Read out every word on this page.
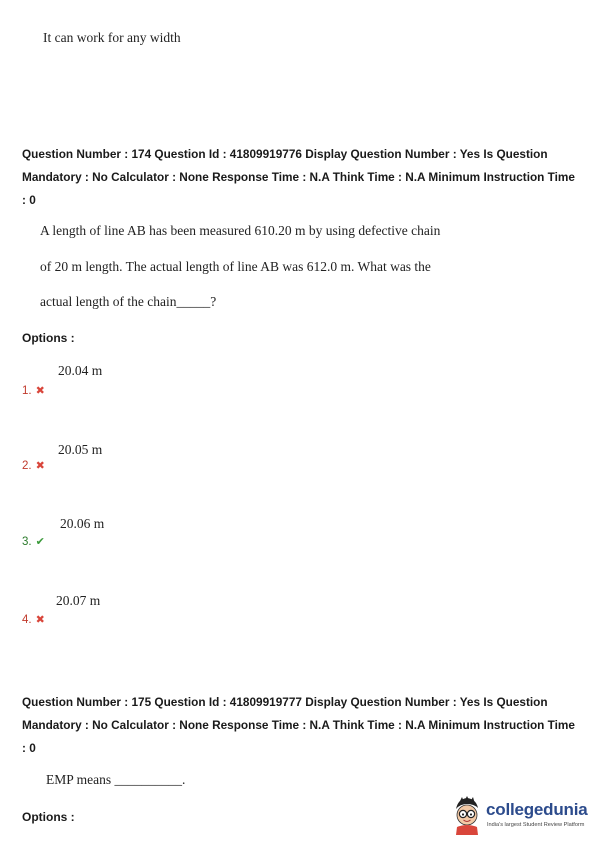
It can work for any width
Question Number : 174 Question Id : 41809919776 Display Question Number : Yes Is Question Mandatory : No Calculator : None Response Time : N.A Think Time : N.A Minimum Instruction Time : 0
A length of line AB has been measured 610.20 m by using defective chain
of 20 m length. The actual length of line AB was 612.0 m. What was the
actual length of the chain_____?
Options :
20.04 m
1. ✖
20.05 m
2. ✖
20.06 m
3. ✔
20.07 m
4. ✖
Question Number : 175 Question Id : 41809919777 Display Question Number : Yes Is Question Mandatory : No Calculator : None Response Time : N.A Think Time : N.A Minimum Instruction Time : 0
EMP means __________.
Options :	collegedunia
India's largest Student Review Platform
